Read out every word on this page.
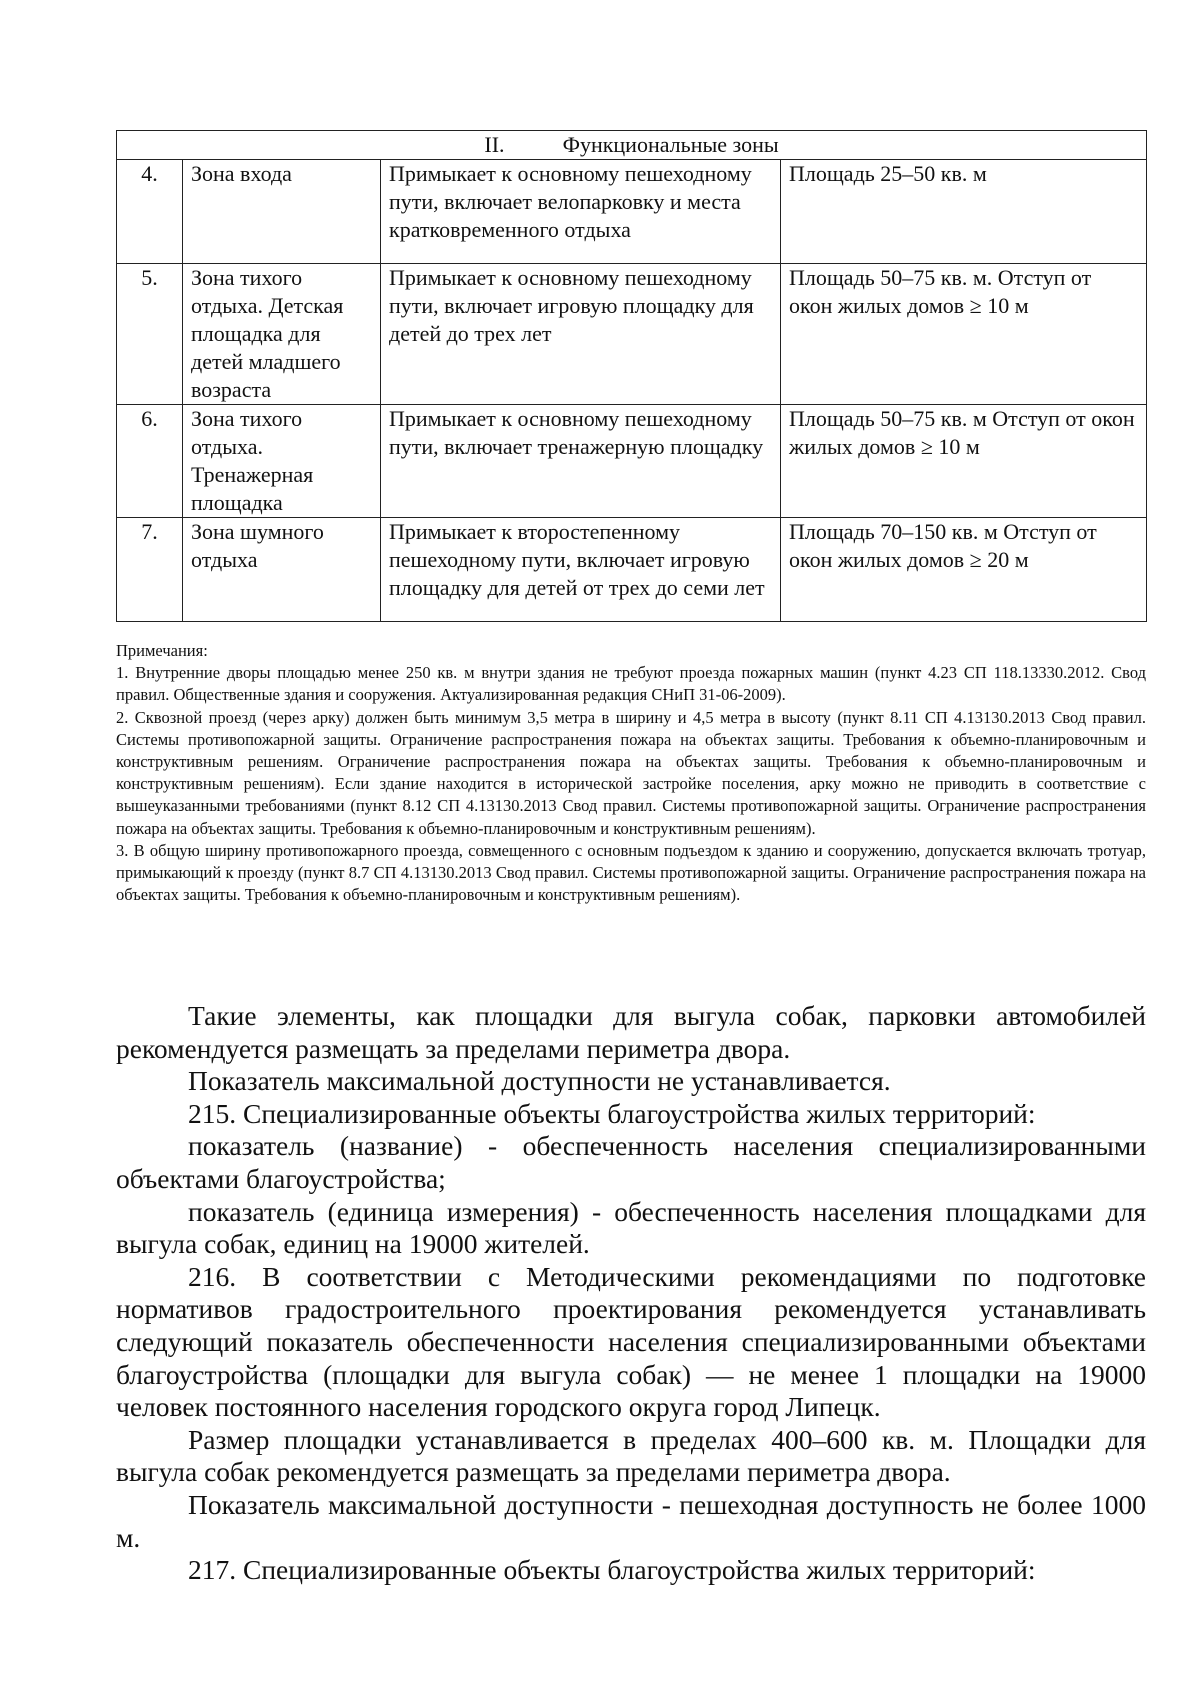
II. Функциональные зоны			
4.	Зона входа	Примыкает к основному пешеходному пути, включает велопарковку и места кратковременного отдыха	Площадь 25–50 кв. м
5.	Зона тихого отдыха. Детская площадка для детей младшего возраста	Примыкает к основному пешеходному пути, включает игровую площадку для детей до трех лет	Площадь 50–75 кв. м. Отступ от окон жилых домов ≥ 10 м
6.	Зона тихого отдыха. Тренажерная площадка	Примыкает к основному пешеходному пути, включает тренажерную площадку	Площадь 50–75 кв. м Отступ от окон жилых домов ≥ 10 м
7.	Зона шумного отдыха	Примыкает к второстепенному пешеходному пути, включает игровую площадку для детей от трех до семи лет	Площадь 70–150 кв. м Отступ от окон жилых домов ≥ 20 м

Примечания:

1. Внутренние дворы площадью менее 250 кв. м внутри здания не требуют проезда пожарных машин (пункт 4.23 СП 118.13330.2012. Свод правил. Общественные здания и сооружения. Актуализированная редакция СНиП 31-06-2009).

2. Сквозной проезд (через арку) должен быть минимум 3,5 метра в ширину и 4,5 метра в высоту (пункт 8.11 СП 4.13130.2013 Свод правил. Системы противопожарной защиты. Ограничение распространения пожара на объектах защиты. Требования к объемно-планировочным и конструктивным решениям. Ограничение распространения пожара на объектах защиты. Требования к объемно-планировочным и конструктивным решениям). Если здание находится в исторической застройке поселения, арку можно не приводить в соответствие с вышеуказанными требованиями (пункт 8.12 СП 4.13130.2013 Свод правил. Системы противопожарной защиты. Ограничение распространения пожара на объектах защиты. Требования к объемно-планировочным и конструктивным решениям).

3. В общую ширину противопожарного проезда, совмещенного с основным подъездом к зданию и сооружению, допускается включать тротуар, примыкающий к проезду (пункт 8.7 СП 4.13130.2013 Свод правил. Системы противопожарной защиты. Ограничение распространения пожара на объектах защиты. Требования к объемно-планировочным и конструктивным решениям).

Такие элементы, как площадки для выгула собак, парковки автомобилей рекомендуется размещать за пределами периметра двора.

Показатель максимальной доступности не устанавливается.

215. Специализированные объекты благоустройства жилых территорий:

показатель (название) - обеспеченность населения специализированными объектами благоустройства;

показатель (единица измерения) - обеспеченность населения площадками для выгула собак, единиц на 19000 жителей.

216. В соответствии с Методическими рекомендациями по подготовке нормативов градостроительного проектирования рекомендуется устанавливать следующий показатель обеспеченности населения специализированными объектами благоустройства (площадки для выгула собак) — не менее 1 площадки на 19000 человек постоянного населения городского округа город Липецк.

Размер площадки устанавливается в пределах 400–600 кв. м. Площадки для выгула собак рекомендуется размещать за пределами периметра двора.

Показатель максимальной доступности - пешеходная доступность не более 1000 м.

217. Специализированные объекты благоустройства жилых территорий:
